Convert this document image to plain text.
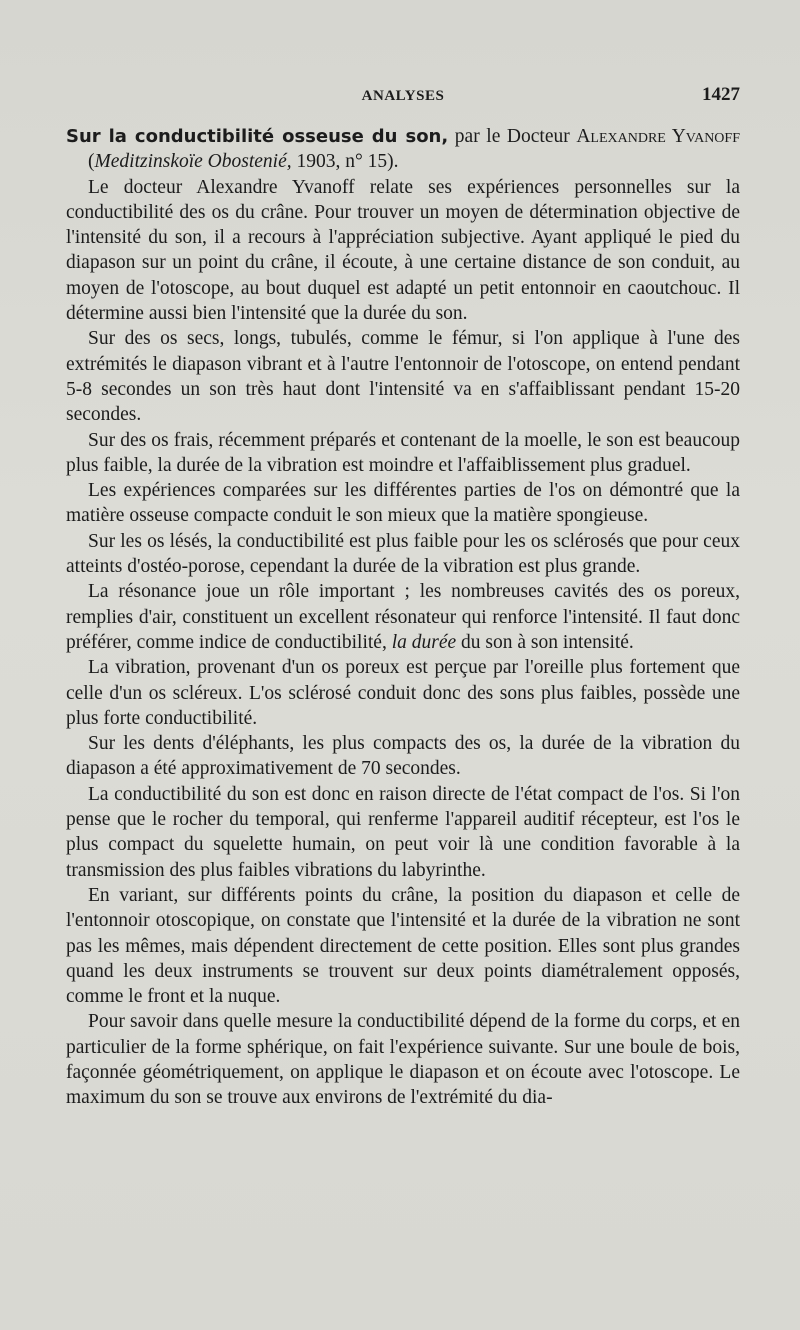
ANALYSES	1427

Sur la conductibilité osseuse du son, par le Docteur Alexandre Yvanoff (Meditzinskoïe Obostenié, 1903, n° 15).

Le docteur Alexandre Yvanoff relate ses expériences personnelles sur la conductibilité des os du crâne. Pour trouver un moyen de détermination objective de l'intensité du son, il a recours à l'appréciation subjective. Ayant appliqué le pied du diapason sur un point du crâne, il écoute, à une certaine distance de son conduit, au moyen de l'otoscope, au bout duquel est adapté un petit entonnoir en caoutchouc. Il détermine aussi bien l'intensité que la durée du son.

Sur des os secs, longs, tubulés, comme le fémur, si l'on applique à l'une des extrémités le diapason vibrant et à l'autre l'entonnoir de l'otoscope, on entend pendant 5-8 secondes un son très haut dont l'intensité va en s'affaiblissant pendant 15-20 secondes.

Sur des os frais, récemment préparés et contenant de la moelle, le son est beaucoup plus faible, la durée de la vibration est moindre et l'affaiblissement plus graduel.

Les expériences comparées sur les différentes parties de l'os on démontré que la matière osseuse compacte conduit le son mieux que la matière spongieuse.

Sur les os lésés, la conductibilité est plus faible pour les os sclérosés que pour ceux atteints d'ostéo-porose, cependant la durée de la vibration est plus grande.

La résonance joue un rôle important ; les nombreuses cavités des os poreux, remplies d'air, constituent un excellent résonateur qui renforce l'intensité. Il faut donc préférer, comme indice de conductibilité, la durée du son à son intensité.

La vibration, provenant d'un os poreux est perçue par l'oreille plus fortement que celle d'un os scléreux. L'os sclérosé conduit donc des sons plus faibles, possède une plus forte conductibilité.

Sur les dents d'éléphants, les plus compacts des os, la durée de la vibration du diapason a été approximativement de 70 secondes.

La conductibilité du son est donc en raison directe de l'état compact de l'os. Si l'on pense que le rocher du temporal, qui renferme l'appareil auditif récepteur, est l'os le plus compact du squelette humain, on peut voir là une condition favorable à la transmission des plus faibles vibrations du labyrinthe.

En variant, sur différents points du crâne, la position du diapason et celle de l'entonnoir otoscopique, on constate que l'intensité et la durée de la vibration ne sont pas les mêmes, mais dépendent directement de cette position. Elles sont plus grandes quand les deux instruments se trouvent sur deux points diamétralement opposés, comme le front et la nuque.

Pour savoir dans quelle mesure la conductibilité dépend de la forme du corps, et en particulier de la forme sphérique, on fait l'expérience suivante. Sur une boule de bois, façonnée géométriquement, on applique le diapason et on écoute avec l'otoscope. Le maximum du son se trouve aux environs de l'extrémité du dia-
